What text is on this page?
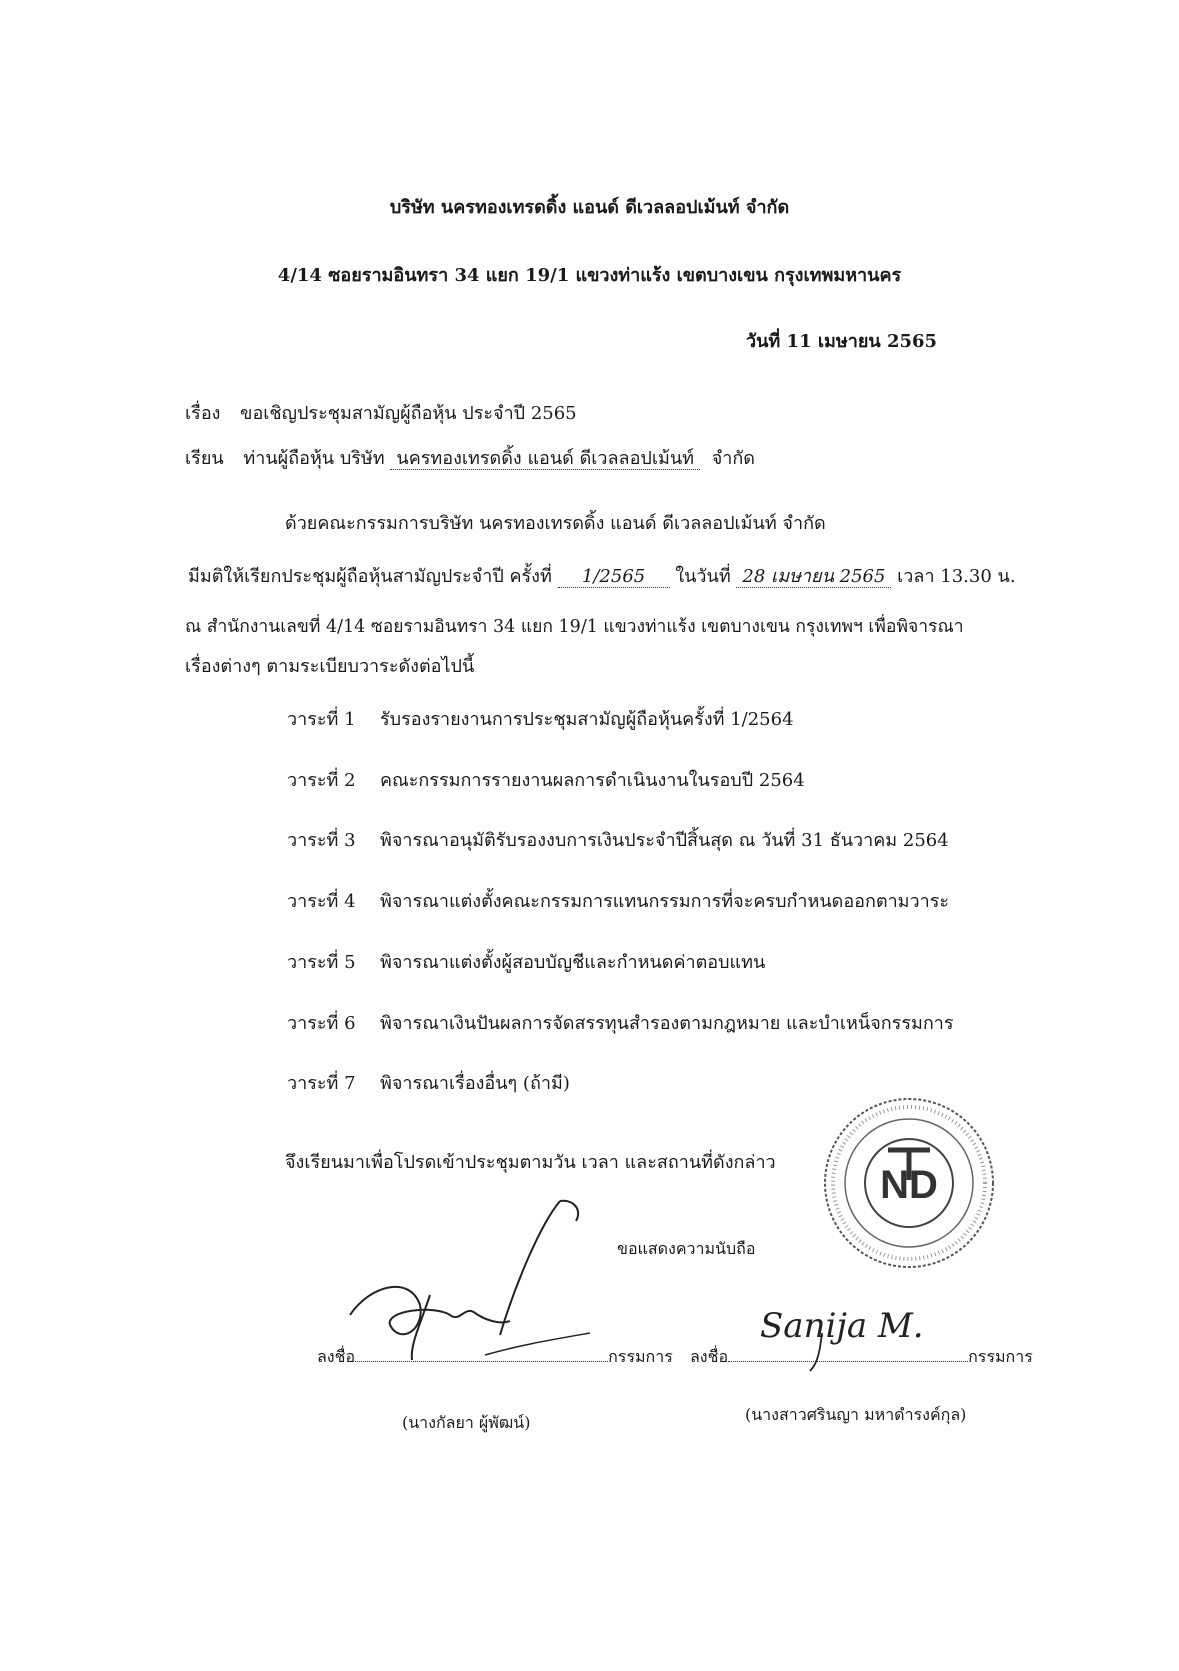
บริษัท นครทองเทรดดิ้ง แอนด์ ดีเวลลอปเม้นท์ จำกัด
4/14 ซอยรามอินทรา 34 แยก 19/1 แขวงท่าแร้ง เขตบางเขน กรุงเทพมหานคร
วันที่ 11 เมษายน 2565
เรื่อง ขอเชิญประชุมสามัญผู้ถือหุ้น ประจำปี 2565
เรียน ท่านผู้ถือหุ้น บริษัท นครทองเทรดดิ้ง แอนด์ ดีเวลลอปเม้นท์ จำกัด
ด้วยคณะกรรมการบริษัท นครทองเทรดดิ้ง แอนด์ ดีเวลลอปเม้นท์ จำกัด
มีมติให้เรียกประชุมผู้ถือหุ้นสามัญประจำปี ครั้งที่ 1/2565 ในวันที่ 28 เมษายน 2565 เวลา 13.30 น.
ณ สำนักงานเลขที่ 4/14 ซอยรามอินทรา 34 แยก 19/1 แขวงท่าแร้ง เขตบางเขน กรุงเทพฯ เพื่อพิจารณา
เรื่องต่างๆ ตามระเบียบวาระดังต่อไปนี้
วาระที่ 1 รับรองรายงานการประชุมสามัญผู้ถือหุ้นครั้งที่ 1/2564
วาระที่ 2 คณะกรรมการรายงานผลการดำเนินงานในรอบปี 2564
วาระที่ 3 พิจารณาอนุมัติรับรองงบการเงินประจำปีสิ้นสุด ณ วันที่ 31 ธันวาคม 2564
วาระที่ 4 พิจารณาแต่งตั้งคณะกรรมการแทนกรรมการที่จะครบกำหนดออกตามวาระ
วาระที่ 5 พิจารณาแต่งตั้งผู้สอบบัญชีและกำหนดค่าตอบแทน
วาระที่ 6 พิจารณาเงินปันผลการจัดสรรทุนสำรองตามกฎหมาย และบำเหน็จกรรมการ
วาระที่ 7 พิจารณาเรื่องอื่นๆ (ถ้ามี)
จึงเรียนมาเพื่อโปรดเข้าประชุมตามวัน เวลา และสถานที่ดังกล่าว
ขอแสดงความนับถือ
ND
Sanija M.
ลงชื่อ	กรรมการ ลงชื่อ	กรรมการ
(นางกัลยา ผู้พัฒน์)	(นางสาวศรินญา มหาดำรงค์กุล)
